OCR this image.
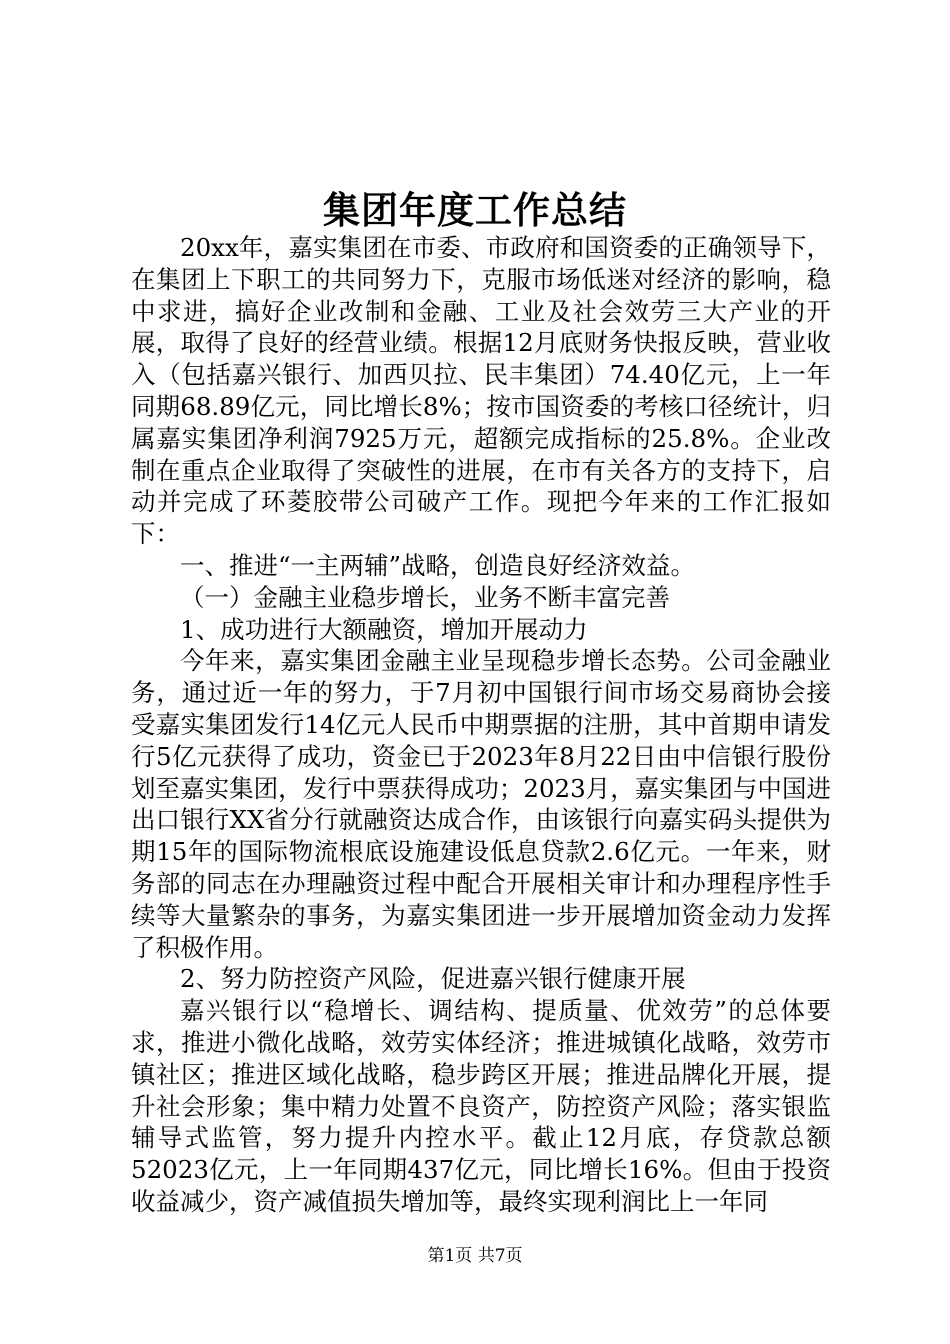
集团年度工作总结

20xx年，嘉实集团在市委、市政府和国资委的正确领导下，在集团上下职工的共同努力下，克服市场低迷对经济的影响，稳中求进，搞好企业改制和金融、工业及社会效劳三大产业的开展，取得了良好的经营业绩。根据12月底财务快报反映，营业收入（包括嘉兴银行、加西贝拉、民丰集团）74.40亿元，上一年同期68.89亿元，同比增长8%；按市国资委的考核口径统计，归属嘉实集团净利润7925万元，超额完成指标的25.8%。企业改制在重点企业取得了突破性的进展，在市有关各方的支持下，启动并完成了环菱胶带公司破产工作。现把今年来的工作汇报如下：

一、推进“一主两辅”战略，创造良好经济效益。

（一）金融主业稳步增长，业务不断丰富完善

1、成功进行大额融资，增加开展动力

今年来，嘉实集团金融主业呈现稳步增长态势。公司金融业务，通过近一年的努力，于7月初中国银行间市场交易商协会接受嘉实集团发行14亿元人民币中期票据的注册，其中首期申请发行5亿元获得了成功，资金已于2023年8月22日由中信银行股份划至嘉实集团，发行中票获得成功；2023月，嘉实集团与中国进出口银行XX省分行就融资达成合作，由该银行向嘉实码头提供为期15年的国际物流根底设施建设低息贷款2.6亿元。一年来，财务部的同志在办理融资过程中配合开展相关审计和办理程序性手续等大量繁杂的事务，为嘉实集团进一步开展增加资金动力发挥了积极作用。

2、努力防控资产风险，促进嘉兴银行健康开展

嘉兴银行以“稳增长、调结构、提质量、优效劳”的总体要求，推进小微化战略，效劳实体经济；推进城镇化战略，效劳市镇社区；推进区域化战略，稳步跨区开展；推进品牌化开展，提升社会形象；集中精力处置不良资产，防控资产风险；落实银监辅导式监管，努力提升内控水平。截止12月底，存贷款总额52023亿元，上一年同期437亿元，同比增长16%。但由于投资收益减少，资产减值损失增加等，最终实现利润比上一年同

第1页 共7页
